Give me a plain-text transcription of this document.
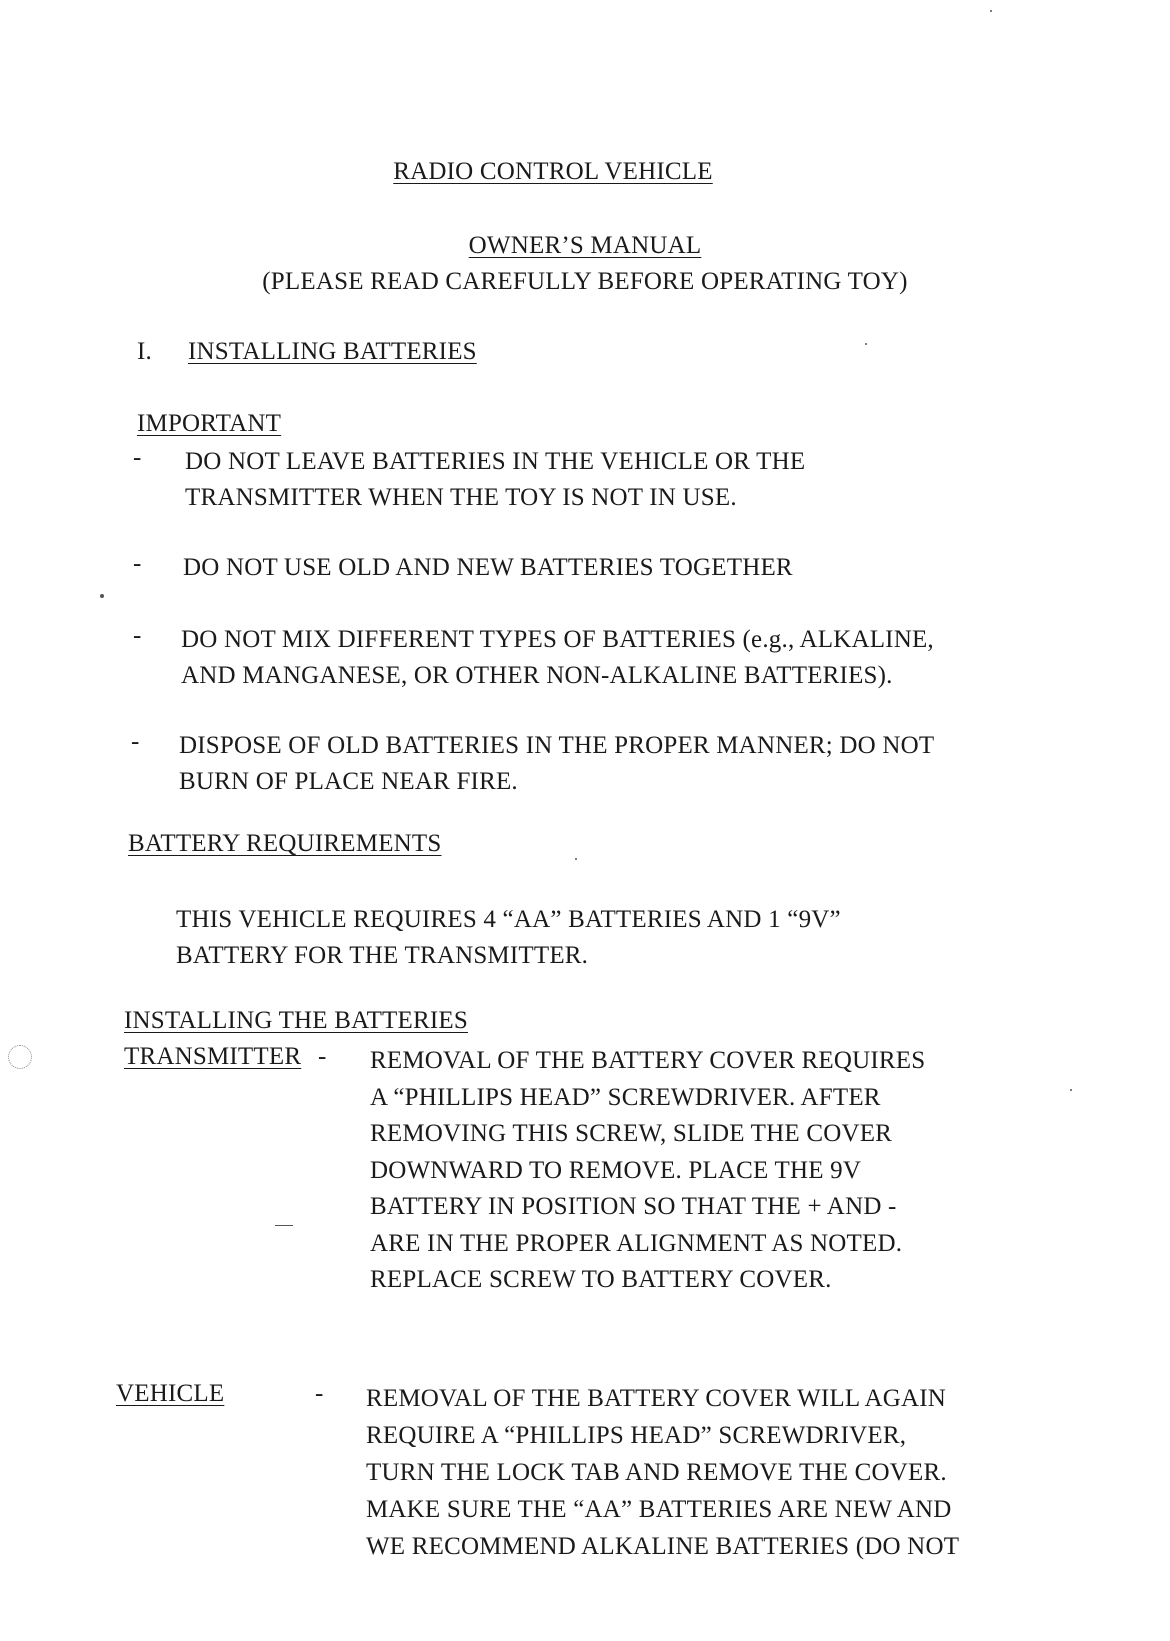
RADIO CONTROL VEHICLE
OWNER’S MANUAL
(PLEASE READ CAREFULLY BEFORE OPERATING TOY)
I. INSTALLING BATTERIES
IMPORTANT
- DO NOT LEAVE BATTERIES IN THE VEHICLE OR THE
TRANSMITTER WHEN THE TOY IS NOT IN USE.
- DO NOT USE OLD AND NEW BATTERIES TOGETHER
- DO NOT MIX DIFFERENT TYPES OF BATTERIES (e.g., ALKALINE,
AND MANGANESE, OR OTHER NON-ALKALINE BATTERIES).
- DISPOSE OF OLD BATTERIES IN THE PROPER MANNER; DO NOT
BURN OF PLACE NEAR FIRE.
BATTERY REQUIREMENTS
THIS VEHICLE REQUIRES 4 “AA” BATTERIES AND 1 “9V”
BATTERY FOR THE TRANSMITTER.
INSTALLING THE BATTERIES
TRANSMITTER - REMOVAL OF THE BATTERY COVER REQUIRES
A “PHILLIPS HEAD” SCREWDRIVER. AFTER
REMOVING THIS SCREW, SLIDE THE COVER
DOWNWARD TO REMOVE. PLACE THE 9V
BATTERY IN POSITION SO THAT THE + AND -
ARE IN THE PROPER ALIGNMENT AS NOTED.
REPLACE SCREW TO BATTERY COVER.
VEHICLE	- REMOVAL OF THE BATTERY COVER WILL AGAIN
REQUIRE A “PHILLIPS HEAD” SCREWDRIVER,
TURN THE LOCK TAB AND REMOVE THE COVER.
MAKE SURE THE “AA” BATTERIES ARE NEW AND
WE RECOMMEND ALKALINE BATTERIES (DO NOT
